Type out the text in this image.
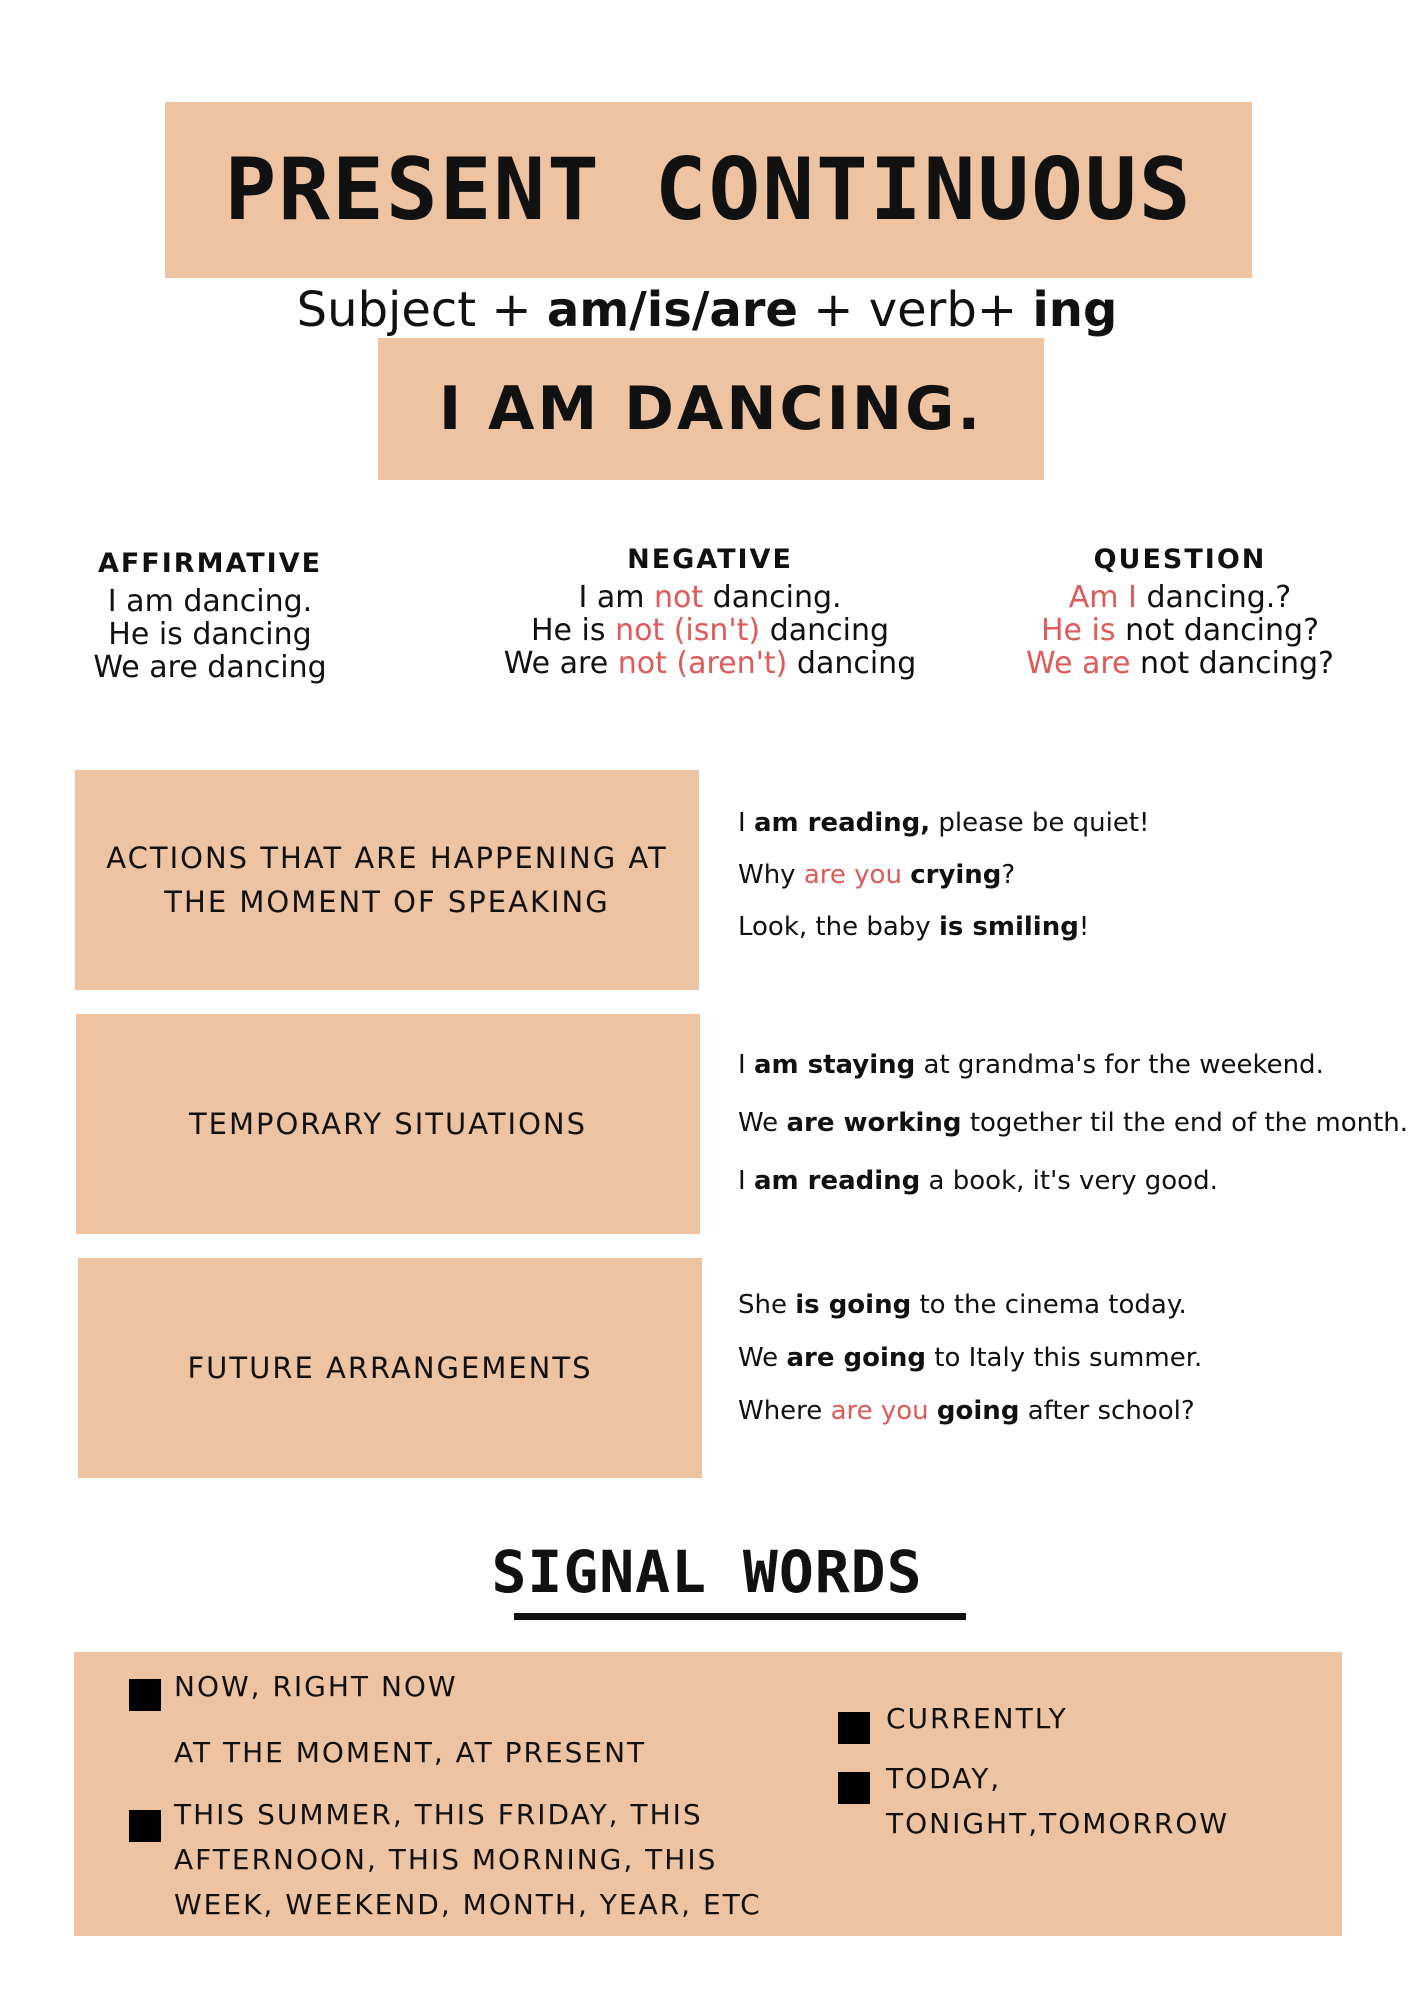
PRESENT CONTINUOUS
Subject + am/is/are + verb+ ing
I AM DANCING.
AFFIRMATIVE
I am dancing.
He is dancing
We are dancing
NEGATIVE
I am not dancing.
He is not (isn't) dancing
We are not (aren't) dancing
QUESTION
Am I dancing.?
He is not dancing?
We are not dancing?
ACTIONS THAT ARE HAPPENING AT
THE MOMENT OF SPEAKING
I am reading, please be quiet!
Why are you crying?
Look, the baby is smiling!
TEMPORARY SITUATIONS
I am staying at grandma's for the weekend.
We are working together til the end of the month.
I am reading a book, it's very good.
FUTURE ARRANGEMENTS
She is going to the cinema today.
We are going to Italy this summer.
Where are you going after school?
SIGNAL WORDS
NOW, RIGHT NOW
AT THE MOMENT, AT PRESENT
THIS SUMMER, THIS FRIDAY, THIS
AFTERNOON, THIS MORNING, THIS
WEEK, WEEKEND, MONTH, YEAR, ETC
CURRENTLY
TODAY, TONIGHT,TOMORROW
